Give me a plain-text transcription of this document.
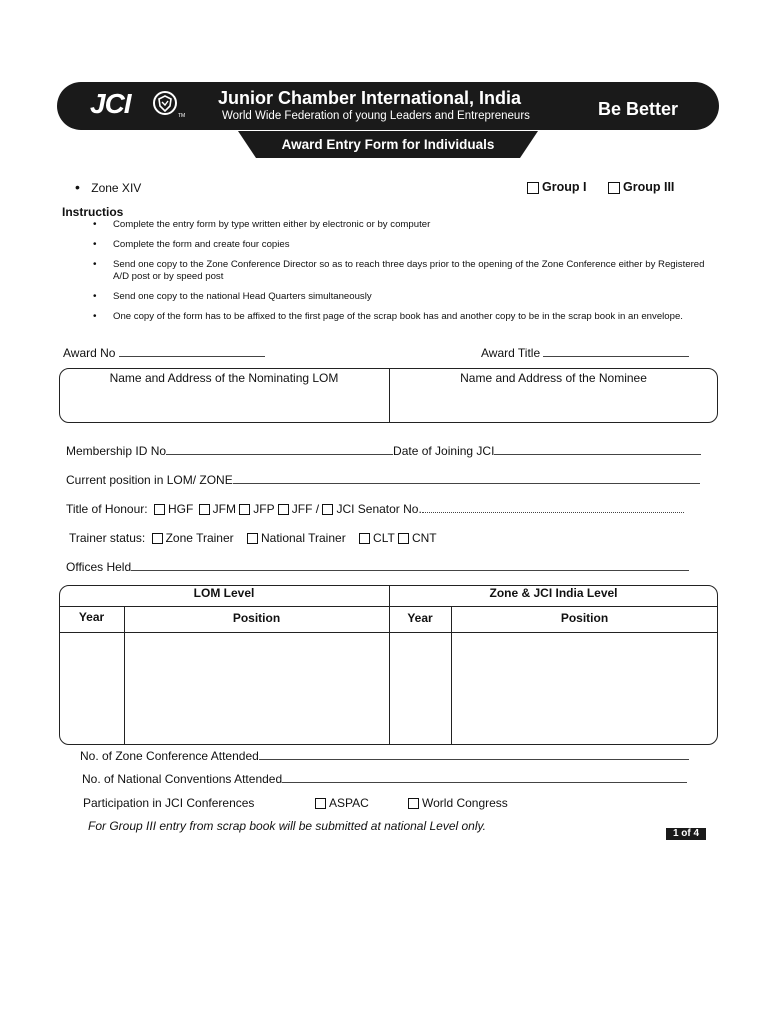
JCI	TM
Junior Chamber International, India
World Wide Federation of young Leaders and Entrepreneurs	Be Better
Award Entry Form for Individuals
• Zone XIV	Group I	Group III
Instructios
• Complete the entry form by type written either by electronic or by computer
• Complete the form and create four copies
• Send one copy to the Zone Conference Director so as to reach three days prior to the opening of the Zone Conference either by Registered A/D post or by speed post
• Send one copy to the national Head Quarters simultaneously
• One copy of the form has to be affixed to the first page of the scrap book has and another copy to be in the scrap book in an envelope.
Award No	Award Title
Name and Address of the Nominating LOM	Name and Address of the Nominee
Membership ID No	Date of Joining JCI
Current position in LOM/ ZONE
Title of Honour: HGF JFM JFP JFF / JCI Senator No.
Trainer status: Zone Trainer National Trainer CLT CNT
Offices Held
LOM Level	Zone & JCI India Level
Year	Position	Year	Position
No. of Zone Conference Attended
No. of National Conventions Attended
Participation in JCI Conferences	ASPAC	World Congress
For Group III entry from scrap book will be submitted at national Level only.
1 of 4
